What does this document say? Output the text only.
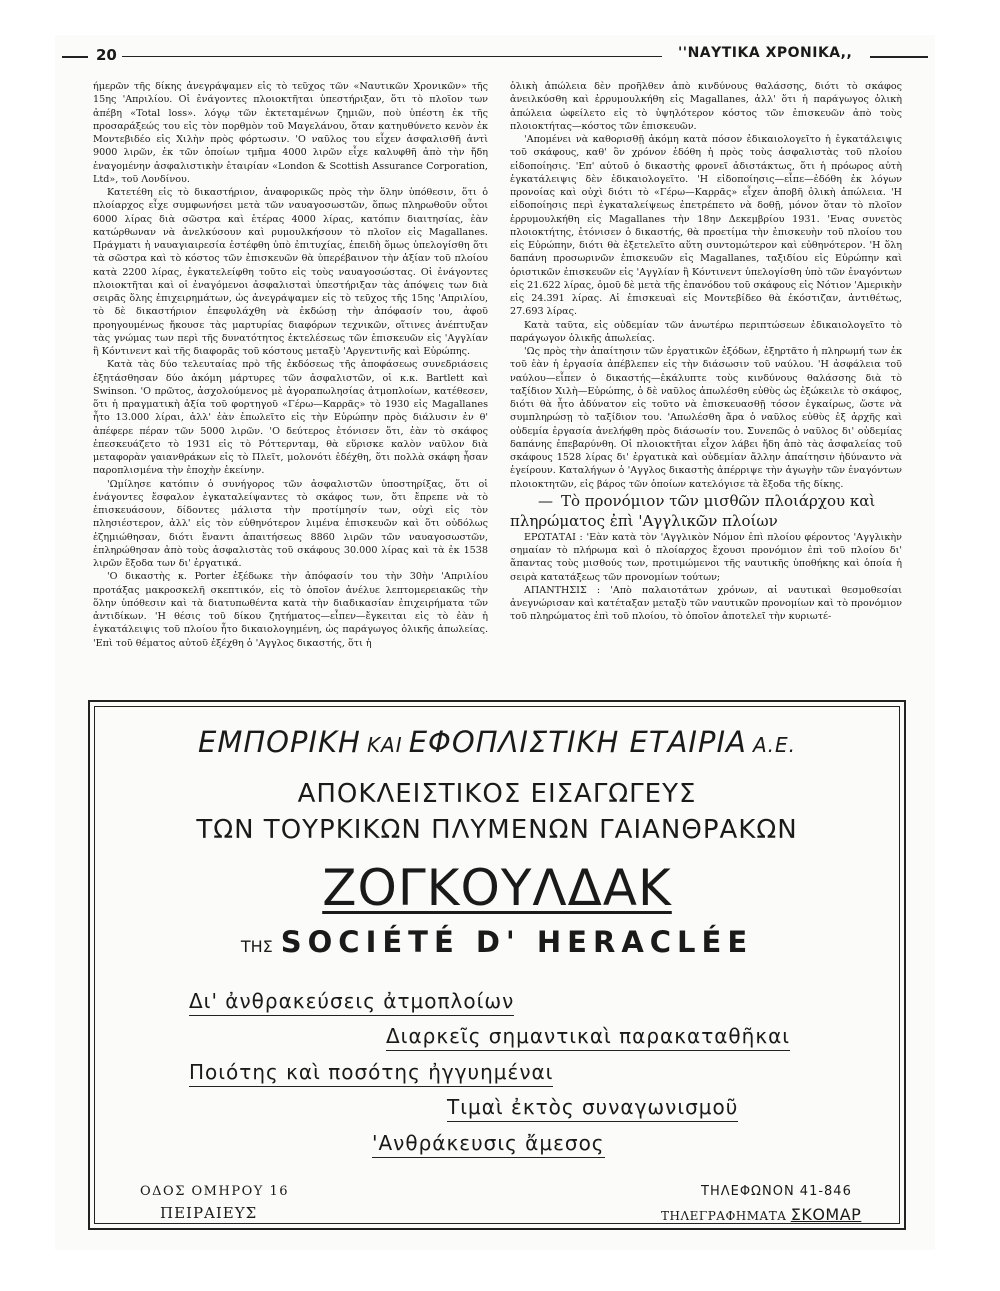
20	''ΝΑΥΤΙΚΑ ΧΡΟΝΙΚΑ,,

ήμερῶν τῆς δίκης ἀνεγράψαμεν εἰς τὸ τεῦχος τῶν «Ναυτικῶν Χρονικῶν» τῆς 15ης 'Απριλίου. Οἱ ἐνάγοντες πλοιοκτῆται ὑπεστήριξαν, ὅτι τὸ πλοῖον των ἀπέβη «Total loss». λόγῳ τῶν ἐκτεταμένων ζημιῶν, ποὺ ὑπέστη ἐκ τῆς προσαράξεώς του εἰς τὸν πορθμὸν τοῦ Μαγελάνου, ὅταν κατηυθύνετο κενὸν ἐκ Μοντεβιδέο εἰς Χιλὴν πρὸς φόρτωσιν. 'Ο ναῦλος του εἶχεν ἀσφαλισθῆ ἀντὶ 9000 λιρῶν, ἐκ τῶν ὁποίων τμῆμα 4000 λιρῶν εἶχε καλυφθῆ ἀπὸ τὴν ἤδη ἐναγομένην ἀσφαλιστικὴν ἑταιρίαν «London & Scottish Assurance Corporation, Ltd», τοῦ Λονδίνου.

Κατετέθη εἰς τὸ δικαστήριον, ἀναφορικῶς πρὸς τὴν ὅλην ὑπόθεσιν, ὅτι ὁ πλοίαρχος εἶχε συμφωνήσει μετὰ τῶν ναυαγοσωστῶν, ὅπως πληρωθοῦν οὗτοι 6000 λίρας διὰ σῶστρα καὶ ἑτέρας 4000 λίρας, κατόπιν διαιτησίας, ἐὰν κατώρθωναν νὰ ἀνελκύσουν καὶ ρυμουλκήσουν τὸ πλοῖον εἰς Magallanes. Πράγματι ἡ ναυαγιαιρεσία ἐστέφθη ὑπὸ ἐπιτυχίας, ἐπειδὴ ὅμως ὑπελογίσθη ὅτι τὰ σῶστρα καὶ τὸ κόστος τῶν ἐπισκευῶν θὰ ὑπερέβαινον τὴν ἀξίαν τοῦ πλοίου κατὰ 2200 λίρας, ἐγκατελείφθη τοῦτο εἰς τοὺς ναυαγοσώστας. Οἱ ἐνάγοντες πλοιοκτῆται καὶ οἱ ἐναγόμενοι ἀσφαλισταὶ ὑπεστήριξαν τὰς ἀπόψεις των διὰ σειρᾶς ὅλης ἐπιχειρημάτων, ὡς ἀνεγράψαμεν εἰς τὸ τεῦχος τῆς 15ης 'Απριλίου, τὸ δὲ δικαστήριον ἐπεφυλάχθη νὰ ἐκδώσῃ τὴν ἀπόφασίν του, ἀφοῦ προηγουμένως ἤκουσε τὰς μαρτυρίας διαφόρων τεχνικῶν, οἵτινες ἀνέπτυξαν τὰς γνώμας των περὶ τῆς δυνατότητος ἐκτελέσεως τῶν ἐπισκευῶν εἰς 'Αγγλίαν ἢ Κόντινεντ καὶ τῆς διαφορᾶς τοῦ κόστους μεταξὺ 'Αργεντινῆς καὶ Εὐρώπης.

Κατὰ τὰς δύο τελευταίας πρὸ τῆς ἐκδόσεως τῆς ἀποφάσεως συνεδριάσεις ἐξητάσθησαν δύο ἀκόμη μάρτυρες τῶν ἀσφαλιστῶν, οἱ κ.κ. Bartlett καὶ Swinson. 'Ο πρῶτος, ἀσχολούμενος μὲ ἀγοραπωλησίας ἀτμοπλοίων, κατέθεσεν, ὅτι ἡ πραγματικὴ ἀξία τοῦ φορτηγοῦ «Γέρω—Καρρᾶς» τὸ 1930 εἰς Magallanes ἦτο 13.000 λίραι, ἀλλ' ἐὰν ἐπωλεῖτο εἰς τὴν Εὐρώπην πρὸς διάλυσιν ἐν θ' ἀπέφερε πέραν τῶν 5000 λιρῶν. 'Ο δεύτερος ἐτόνισεν ὅτι, ἐὰν τὸ σκάφος ἐπεσκευάζετο τὸ 1931 εἰς τὸ Ρόττερνταμ, θὰ εὕρισκε καλὸν ναῦλον διὰ μεταφορὰν γαιανθράκων εἰς τὸ Πλεῖτ, μολονότι ἐδέχθη, ὅτι πολλὰ σκάφη ἦσαν παροπλισμένα τὴν ἐποχὴν ἐκείνην.

'Ωμίλησε κατόπιν ὁ συνήγορος τῶν ἀσφαλιστῶν ὑποστηρίξας, ὅτι οἱ ἐνάγοντες ἔσφαλον ἐγκαταλείψαντες τὸ σκάφος των, ὅτι ἔπρεπε νὰ τὸ ἐπισκευάσουν, δίδοντες μάλιστα τὴν προτίμησίν των, οὐχὶ εἰς τὸν πλησιέστερον, ἀλλ' εἰς τὸν εὐθηνότερον λιμένα ἐπισκευῶν καὶ ὅτι οὐδόλως ἐζημιώθησαν, διότι ἔναντι ἀπαιτήσεως 8860 λιρῶν τῶν ναυαγοσωστῶν, ἐπληρώθησαν ἀπὸ τοὺς ἀσφαλιστὰς τοῦ σκάφους 30.000 λίρας καὶ τὰ ἐκ 1538 λιρῶν ἔξοδα των δι' ἐργατικά.

'Ο δικαστὴς κ. Porter ἐξέδωκε τὴν ἀπόφασίν του τὴν 30ὴν 'Απριλίου προτάξας μακροσκελῆ σκεπτικόν, εἰς τὸ ὁποῖον ἀνέλυε λεπτομερειακῶς τὴν ὅλην ὑπόθεσιν καὶ τὰ διατυπωθέντα κατὰ τὴν διαδικασίαν ἐπιχειρήματα τῶν ἀντιδίκων. 'Η θέσις τοῦ δίκου ζητήματος—εἶπεν—ἔγκειται εἰς τὸ ἐὰν ἡ ἐγκατάλειψις τοῦ πλοίου ἦτο δικαιολογημένη, ὡς παράγωγος ὁλικῆς ἀπωλείας. 'Επὶ τοῦ θέματος αὐτοῦ ἐξέχθη ὁ 'Αγγλος δικαστής, ὅτι ἡ

ὁλικὴ ἀπώλεια δὲν προῆλθεν ἀπὸ κινδύνους θαλάσσης, διότι τὸ σκάφος ἀνειλκύσθη καὶ ἐρρυμουλκήθη εἰς Magallanes, ἀλλ' ὅτι ἡ παράγωγος ὁλικὴ ἀπώλεια ὠφείλετο εἰς τὸ ὑψηλότερον κόστος τῶν ἐπισκευῶν ἀπὸ τοὺς πλοιοκτήτας—κόστος τῶν ἐπισκευῶν.

'Απομένει νὰ καθορισθῇ ἀκόμη κατὰ πόσον ἐδικαιολογεῖτο ἡ ἐγκατάλειψις τοῦ σκάφους, καθ' ὃν χρόνον ἐδόθη ἡ πρὸς τοὺς ἀσφαλιστὰς τοῦ πλοίου εἰδοποίησις. 'Επ' αὐτοῦ ὁ δικαστὴς φρονεῖ ἀδιστάκτως, ὅτι ἡ πρόωρος αὐτὴ ἐγκατάλειψις δὲν ἐδικαιολογεῖτο. 'Η εἰδοποίησις—εἶπε—ἐδόθη ἐκ λόγων προνοίας καὶ οὐχὶ διότι τὸ «Γέρω—Καρρᾶς» εἶχεν ἀποβῆ ὁλικὴ ἀπώλεια. 'Η εἰδοποίησις περὶ ἐγκαταλείψεως ἐπετρέπετο νὰ δοθῇ, μόνον ὅταν τὸ πλοῖον ἐρρυμουλκήθη εἰς Magallanes τὴν 18ην Δεκεμβρίου 1931. 'Ενας συνετὸς πλοιοκτήτης, ἐτόνισεν ὁ δικαστής, θὰ προετίμα τὴν ἐπισκευὴν τοῦ πλοίου του εἰς Εὐρώπην, διότι θὰ ἐξετελεῖτο αὕτη συντομώτερον καὶ εὐθηνότερον. 'Η ὅλη δαπάνη προσωρινῶν ἐπισκευῶν εἰς Magallanes, ταξιδίου εἰς Εὐρώπην καὶ ὁριστικῶν ἐπισκευῶν εἰς 'Αγγλίαν ἢ Κόντινεντ ὑπελογίσθη ὑπὸ τῶν ἐναγόντων εἰς 21.622 λίρας, ὁμοῦ δὲ μετὰ τῆς ἐπανόδου τοῦ σκάφους εἰς Νότιον 'Αμερικὴν εἰς 24.391 λίρας. Αἱ ἐπισκευαὶ εἰς Μοντεβίδεο θὰ ἐκόστιζαν, ἀντιθέτως, 27.693 λίρας.

Κατὰ ταῦτα, εἰς οὐδεμίαν τῶν ἀνωτέρω περιπτώσεων ἐδικαιολογεῖτο τὸ παράγωγον ὁλικῆς ἀπωλείας.

'Ως πρὸς τὴν ἀπαίτησιν τῶν ἐργατικῶν ἐξόδων, ἐξηρτᾶτο ἡ πληρωμή των ἐκ τοῦ ἐὰν ἡ ἐργασία ἀπέβλεπεν εἰς τὴν διάσωσιν τοῦ ναύλου. 'Η ἀσφάλεια τοῦ ναύλου—εἶπεν ὁ δικαστής—ἐκάλυπτε τοὺς κινδύνους θαλάσσης διὰ τὸ ταξίδιον Χιλὴ—Εὐρώπης, ὁ δὲ ναῦλος ἀπωλέσθη εὐθὺς ὡς ἐξώκειλε τὸ σκάφος, διότι θὰ ἦτο ἀδύνατον εἰς τοῦτο νὰ ἐπισκευασθῇ τόσον ἐγκαίρως, ὥστε νὰ συμπληρώσῃ τὸ ταξίδιον του. 'Απωλέσθη ἄρα ὁ ναῦλος εὐθὺς ἐξ ἀρχῆς καὶ οὐδεμία ἐργασία ἀνελήφθη πρὸς διάσωσίν του. Συνεπῶς ὁ ναῦλος δι' οὐδεμίας δαπάνης ἐπεβαρύνθη. Οἱ πλοιοκτῆται εἶχον λάβει ἤδη ἀπὸ τὰς ἀσφαλείας τοῦ σκάφους 1528 λίρας δι' ἐργατικὰ καὶ οὐδεμίαν ἄλλην ἀπαίτησιν ἠδύναντο νὰ ἐγείρουν. Καταλήγων ὁ 'Αγγλος δικαστὴς ἀπέρριψε τὴν ἀγωγὴν τῶν ἐναγόντων πλοιοκτητῶν, εἰς βάρος τῶν ὁποίων κατελόγισε τὰ ἔξοδα τῆς δίκης.

— Τὸ προνόμιον τῶν μισθῶν πλοιάρχου καὶ πληρώματος ἐπὶ 'Αγγλικῶν πλοίων

ΕΡΩΤΑΤΑΙ : 'Εὰν κατὰ τὸν 'Αγγλικὸν Νόμον ἐπὶ πλοίου φέροντος 'Αγγλικὴν σημαίαν τὸ πλήρωμα καὶ ὁ πλοίαρχος ἔχουσι προνόμιον ἐπὶ τοῦ πλοίου δι' ἅπαντας τοὺς μισθούς των, προτιμώμενοι τῆς ναυτικῆς ὑποθήκης καὶ ὁποία ἡ σειρὰ κατατάξεως τῶν προνομίων τούτων;

ΑΠΑΝΤΗΣΙΣ : 'Απὸ παλαιοτάτων χρόνων, αἱ ναυτικαὶ θεσμοθεσίαι ἀνεγνώρισαν καὶ κατέταξαν μεταξὺ τῶν ναυτικῶν προνομίων καὶ τὸ προνόμιον τοῦ πληρώματος ἐπὶ τοῦ πλοίου, τὸ ὁποῖον ἀποτελεῖ τὴν κυριωτέ-

ΕΜΠΟΡΙΚΗ ΚΑΙ ΕΦΟΠΛΙΣΤΙΚΗ ΕΤΑΙΡΙΑ Α.Ε.
ΑΠΟΚΛΕΙΣΤΙΚΟΣ ΕΙΣΑΓΩΓΕΥΣ
ΤΩΝ ΤΟΥΡΚΙΚΩΝ ΠΛΥΜΕΝΩΝ ΓΑΙΑΝΘΡΑΚΩΝ
ΖΟΓΚΟΥΛΔΑΚ
ΤΗΣ SOCIÉTÉ D' HERACLÉE
Δι' ἀνθρακεύσεις ἀτμοπλοίων
Διαρκεῖς σημαντικαὶ παρακαταθῆκαι
Ποιότης καὶ ποσότης ἠγγυημέναι
Τιμαὶ ἐκτὸς συναγωνισμοῦ
'Ανθράκευσις ἄμεσος
ΟΔΟΣ ΟΜΗΡΟΥ 16
ΠΕΙΡΑΙΕΥΣ
ΤΗΛΕΦΩΝΟΝ 41-846
ΤΗΛΕΓΡΑΦΗΜΑΤΑ ΣΚΟΜΑΡ
